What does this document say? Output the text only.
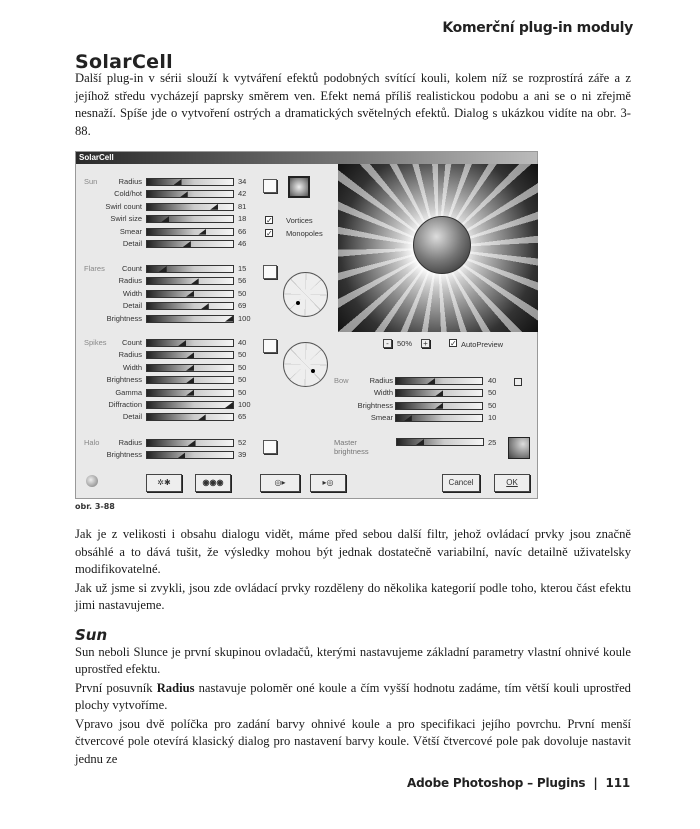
Komerční plug-in moduly
SolarCell

Další plug-in v sérii slouží k vytváření efektů podobných svítící kouli, kolem níž se rozprostírá záře a z jejíhož středu vycházejí paprsky směrem ven. Efekt nemá příliš realistickou podobu a ani se o ni zřejmě nesnaží. Spíše jde o vytvoření ostrých a dramatických světelných efektů. Dialog s ukázkou vidíte na obr. 3-88.

SolarCell
✓ Vortices
✓ Monopoles
-	50% +	✓ AutoPreview
Master brightness
25
✲✱	◉◉◉	◎▸	▸◎	Cancel	OK
Sun	Radius	34
Cold/hot	42
Swirl count	81
Swirl size	18
Smear	66
Detail	46
Flares	Count	15
Radius	56
Width	50
Detail	69
Brightness	100
Spikes	Count	40
Radius	50
Width	50
Brightness	50
Gamma	50
Diffraction	100
Detail	65
Halo	Radius	52
Brightness	39
Bow	Radius	40
Width	50
Brightness	50
Smear	10
obr. 3-88

Jak je z velikosti i obsahu dialogu vidět, máme před sebou další filtr, jehož ovládací prvky jsou značně obsáhlé a to dává tušit, že výsledky mohou být jednak dostatečně variabilní, navíc detailně uživatelsky modifikovatelné.

Jak už jsme si zvykli, jsou zde ovládací prvky rozděleny do několika kategorií podle toho, kterou část efektu jimi nastavujeme.

Sun

Sun neboli Slunce je první skupinou ovladačů, kterými nastavujeme základní parametry vlastní ohnivé koule uprostřed efektu.

První posuvník Radius nastavuje poloměr oné koule a čím vyšší hodnotu zadáme, tím větší kouli uprostřed plochy vytvoříme.

Vpravo jsou dvě políčka pro zadání barvy ohnivé koule a pro specifikaci jejího povrchu. První menší čtvercové pole otevírá klasický dialog pro nastavení barvy koule. Větší čtvercové pole pak dovoluje nastavit jednu ze

Adobe Photoshop – Plugins | 111
